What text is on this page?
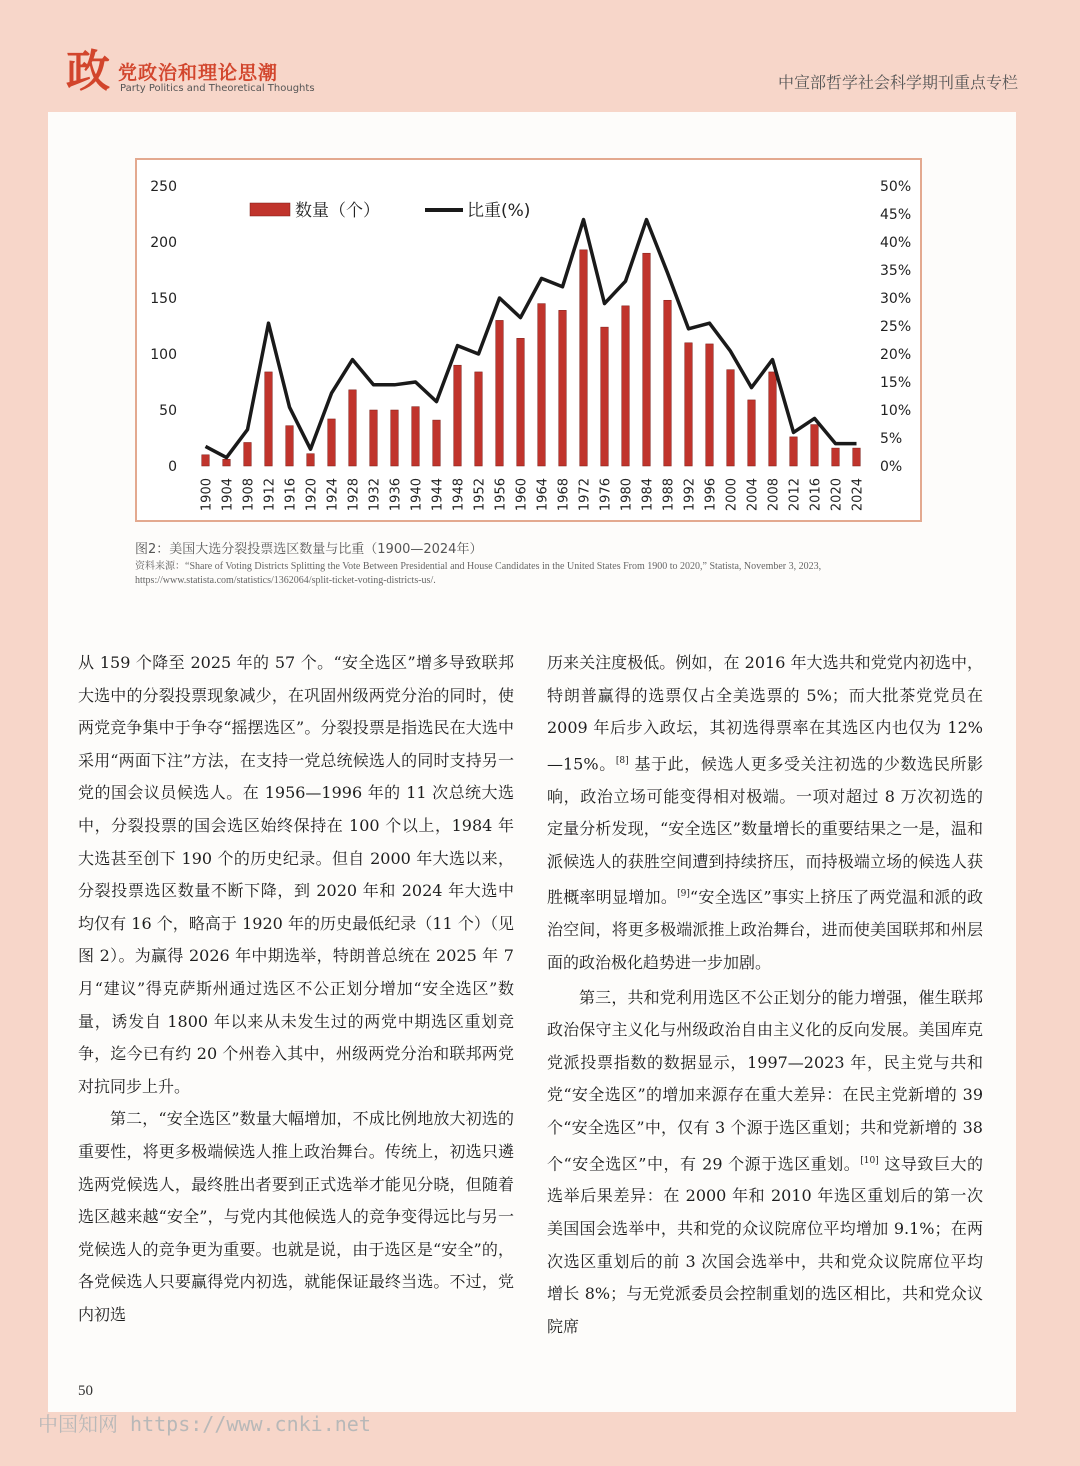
政 党政治和理论思潮
Party Politics and Theoretical Thoughts	中宣部哲学社会科学期刊重点专栏
0
50
100
150
200
250
0%
5%
10%
15%
20%
25%
30%
35%
40%
45%
50%
1900 1904 1908 1912 1916 1920 1924 1928 1932 1936 1940 1944 1948 1952 1956 1960 1964 1968 1972 1976 1980 1984 1988 1992 1996 2000 2004 2008 2012 2016 2020 2024
数量（个）	比重(%)
图2：美国大选分裂投票选区数量与比重（1900—2024年）
资料来源：“Share of Voting Districts Splitting the Vote Between Presidential and House Candidates in the United States From 1900 to 2020,” Statista, November 3, 2023, https://www.statista.com/statistics/1362064/split-ticket-voting-districts-us/.

从 159 个降至 2025 年的 57 个。“安全选区”增多导致联邦大选中的分裂投票现象减少，在巩固州级两党分治的同时，使两党竞争集中于争夺“摇摆选区”。分裂投票是指选民在大选中采用“两面下注”方法，在支持一党总统候选人的同时支持另一党的国会议员候选人。在 1956—1996 年的 11 次总统大选中，分裂投票的国会选区始终保持在 100 个以上，1984 年大选甚至创下 190 个的历史纪录。但自 2000 年大选以来，分裂投票选区数量不断下降，到 2020 年和 2024 年大选中均仅有 16 个，略高于 1920 年的历史最低纪录（11 个）（见图 2）。为赢得 2026 年中期选举，特朗普总统在 2025 年 7 月“建议”得克萨斯州通过选区不公正划分增加“安全选区”数量，诱发自 1800 年以来从未发生过的两党中期选区重划竞争，迄今已有约 20 个州卷入其中，州级两党分治和联邦两党对抗同步上升。

第二，“安全选区”数量大幅增加，不成比例地放大初选的重要性，将更多极端候选人推上政治舞台。传统上，初选只遴选两党候选人，最终胜出者要到正式选举才能见分晓，但随着选区越来越“安全”，与党内其他候选人的竞争变得远比与另一党候选人的竞争更为重要。也就是说，由于选区是“安全”的，各党候选人只要赢得党内初选，就能保证最终当选。不过，党内初选

历来关注度极低。例如，在 2016 年大选共和党党内初选中，特朗普赢得的选票仅占全美选票的 5%；而大批茶党党员在 2009 年后步入政坛，其初选得票率在其选区内也仅为 12%—15%。[8] 基于此，候选人更多受关注初选的少数选民所影响，政治立场可能变得相对极端。一项对超过 8 万次初选的定量分析发现，“安全选区”数量增长的重要结果之一是，温和派候选人的获胜空间遭到持续挤压，而持极端立场的候选人获胜概率明显增加。[9]“安全选区”事实上挤压了两党温和派的政治空间，将更多极端派推上政治舞台，进而使美国联邦和州层面的政治极化趋势进一步加剧。

第三，共和党利用选区不公正划分的能力增强，催生联邦政治保守主义化与州级政治自由主义化的反向发展。美国库克党派投票指数的数据显示，1997—2023 年，民主党与共和党“安全选区”的增加来源存在重大差异：在民主党新增的 39 个“安全选区”中，仅有 3 个源于选区重划；共和党新增的 38 个“安全选区”中，有 29 个源于选区重划。[10] 这导致巨大的选举后果差异：在 2000 年和 2010 年选区重划后的第一次美国国会选举中，共和党的众议院席位平均增加 9.1%；在两次选区重划后的前 3 次国会选举中，共和党众议院席位平均增长 8%；与无党派委员会控制重划的选区相比，共和党众议院席

50
中国知网 https://www.cnki.net
